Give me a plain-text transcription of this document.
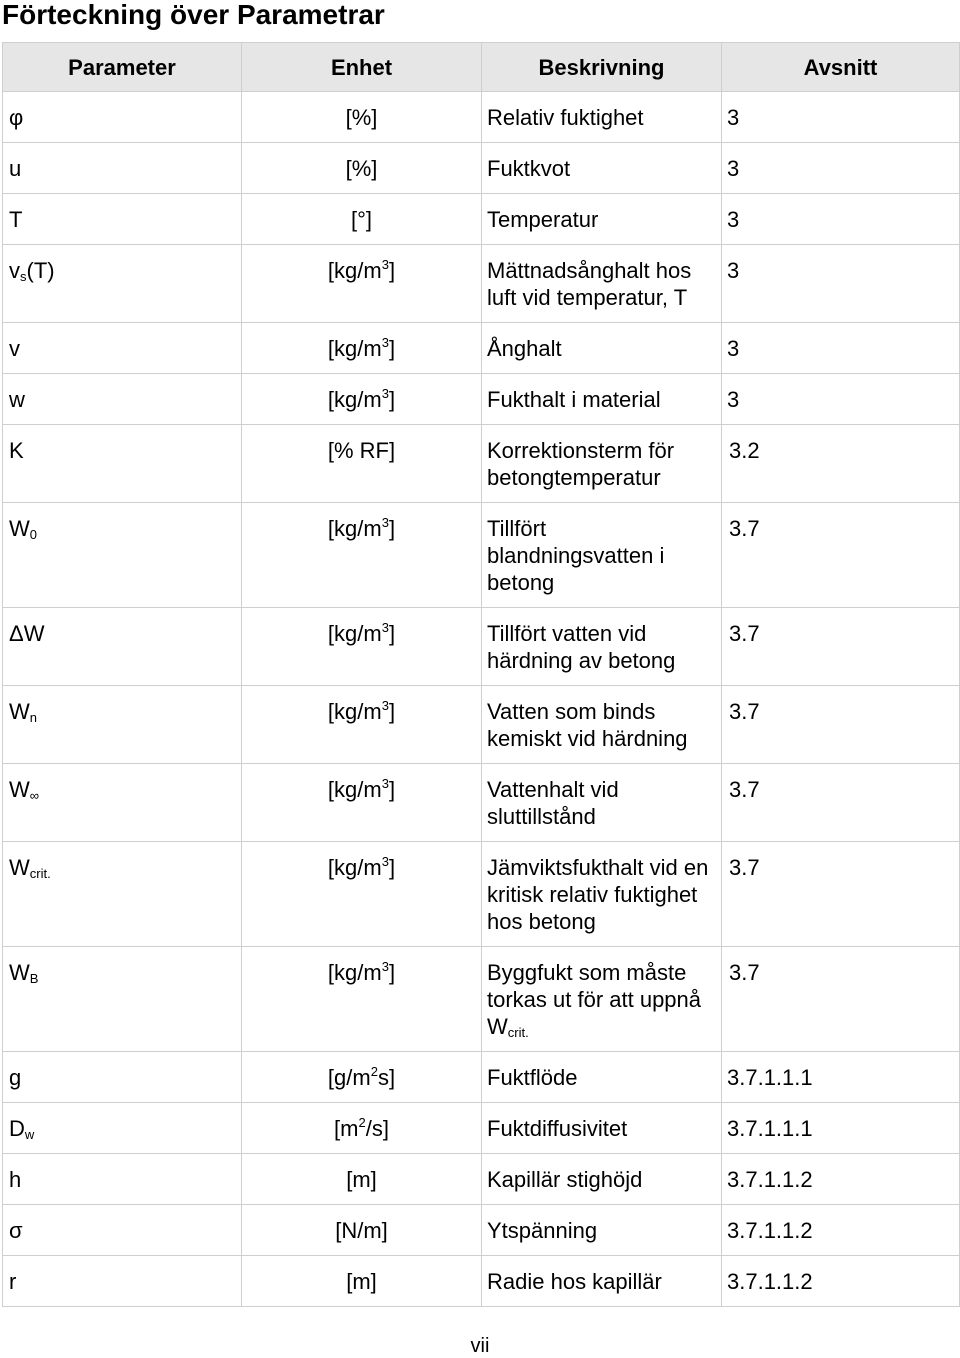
Förteckning över Parametrar
Parameter	Enhet	Beskrivning	Avsnitt
φ	[%]	Relativ fuktighet	3
u	[%]	Fuktkvot	3
T	[°]	Temperatur	3
$v_s(T)$	$[kg/m^3]$	Mättnadsånghalt hos luft vid temperatur, T	3
v	$[kg/m^3]$	Ånghalt	3
w	$[kg/m^3]$	Fukthalt i material	3
K	[% RF]	Korrektionsterm för betongtemperatur	3.2
$W_0$	$[kg/m^3]$	Tillfört blandningsvatten i betong	3.7
ΔW	$[kg/m^3]$	Tillfört vatten vid härdning av betong	3.7
$W_n$	$[kg/m^3]$	Vatten som binds kemiskt vid härdning	3.7
$W_\infty$	$[kg/m^3]$	Vattenhalt vid sluttillstånd	3.7
$W_{crit.}$	$[kg/m^3]$	Jämviktsfukthalt vid en kritisk relativ fuktighet hos betong	3.7
$W_B$	$[kg/m^3]$	Byggfukt som måste torkas ut för att uppnå $W_{crit.}$	3.7
g	$[g/m^2s]$	Fuktflöde	3.7.1.1.1
$D_w$	$[m^2/s]$	Fuktdiffusivitet	3.7.1.1.1
h	[m]	Kapillär stighöjd	3.7.1.1.2
σ	[N/m]	Ytspänning	3.7.1.1.2
r	[m]	Radie hos kapillär	3.7.1.1.2
vii
